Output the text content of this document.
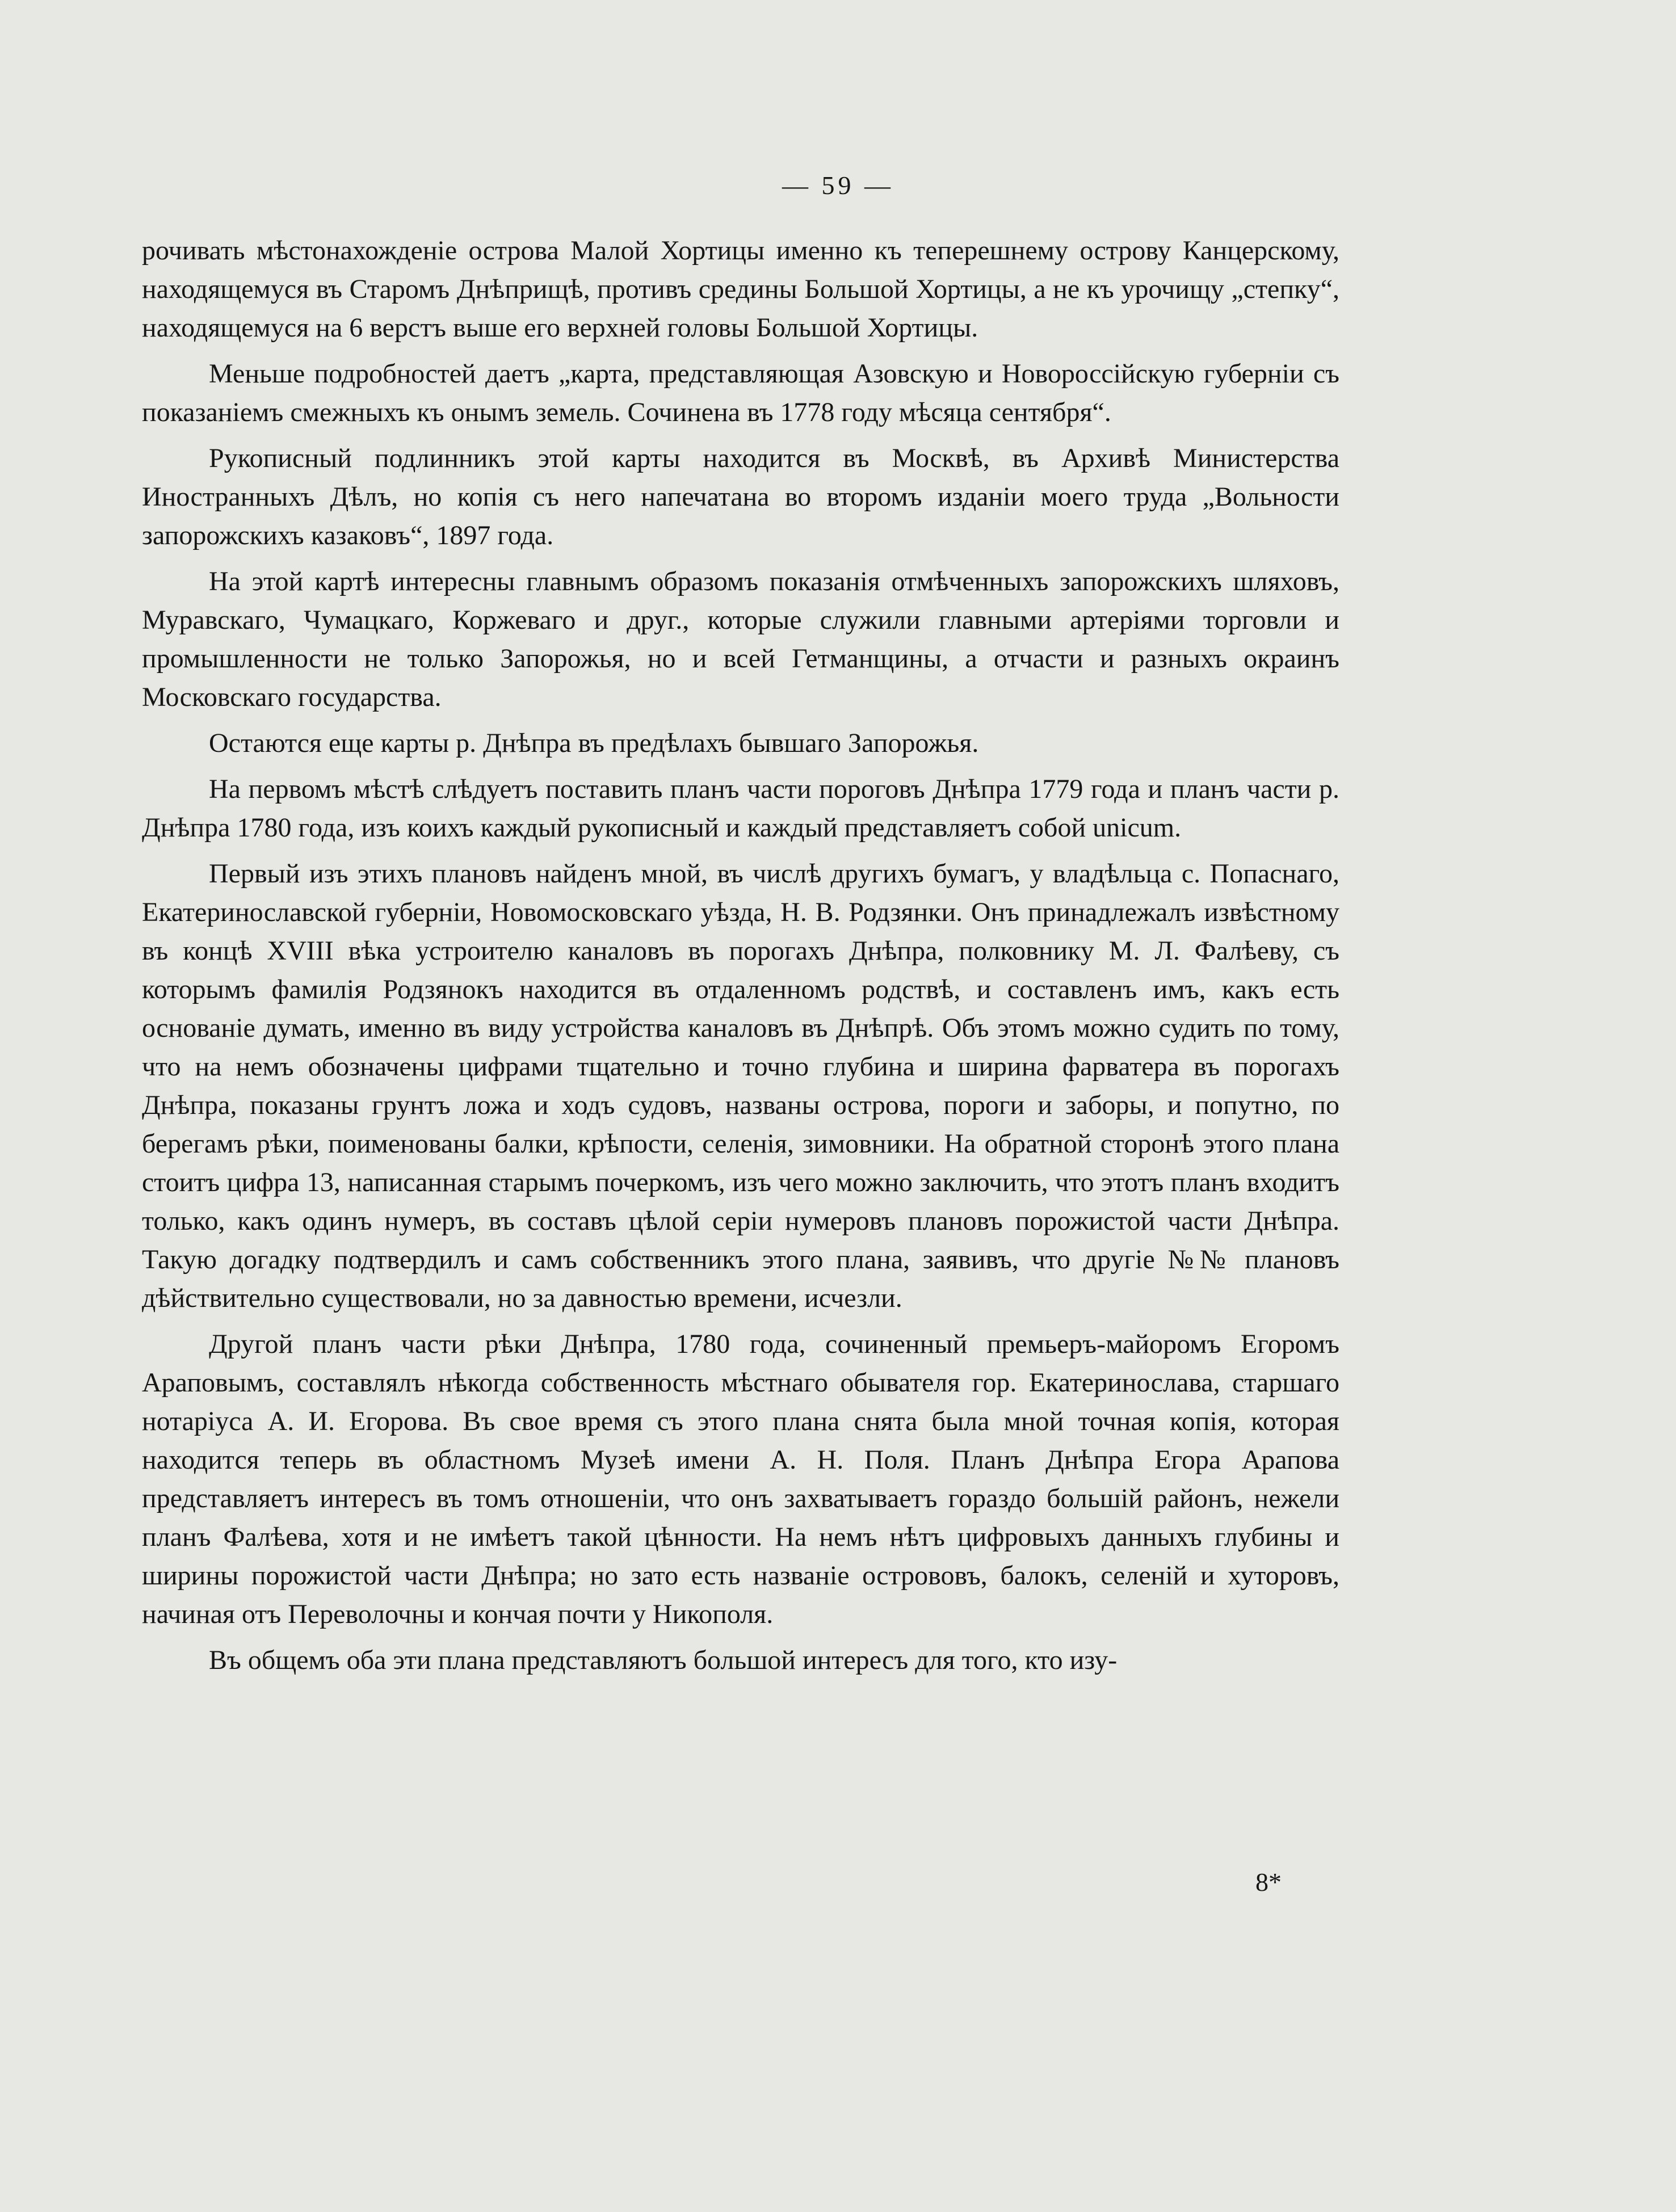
— 59 —

рочивать мѣстонахожденіе острова Малой Хортицы именно къ теперешнему острову Канцерскому, находящемуся въ Старомъ Днѣприщѣ, противъ средины Большой Хортицы, а не къ урочищу „степку“, находящемуся на 6 верстъ выше его верхней головы Большой Хортицы.

Меньше подробностей даетъ „карта, представляющая Азовскую и Новороссійскую губерніи съ показаніемъ смежныхъ къ онымъ земель. Сочинена въ 1778 году мѣсяца сентября“.

Рукописный подлинникъ этой карты находится въ Москвѣ, въ Архивѣ Министерства Иностранныхъ Дѣлъ, но копія съ него напечатана во второмъ изданіи моего труда „Вольности запорожскихъ казаковъ“, 1897 года.

На этой картѣ интересны главнымъ образомъ показанія отмѣченныхъ запорожскихъ шляховъ, Муравскаго, Чумацкаго, Коржеваго и друг., которые служили главными артеріями торговли и промышленности не только Запорожья, но и всей Гетманщины, а отчасти и разныхъ окраинъ Московскаго государства.

Остаются еще карты р. Днѣпра въ предѣлахъ бывшаго Запорожья.

На первомъ мѣстѣ слѣдуетъ поставить планъ части пороговъ Днѣпра 1779 года и планъ части р. Днѣпра 1780 года, изъ коихъ каждый рукописный и каждый представляетъ собой unicum.

Первый изъ этихъ плановъ найденъ мной, въ числѣ другихъ бумагъ, у владѣльца с. Попаснаго, Екатеринославской губерніи, Новомосковскаго уѣзда, Н. В. Родзянки. Онъ принадлежалъ извѣстному въ концѣ XVIII вѣка устроителю каналовъ въ порогахъ Днѣпра, полковнику М. Л. Фалѣеву, съ которымъ фамилія Родзянокъ находится въ отдаленномъ родствѣ, и составленъ имъ, какъ есть основаніе думать, именно въ виду устройства каналовъ въ Днѣпрѣ. Объ этомъ можно судить по тому, что на немъ обозначены цифрами тщательно и точно глубина и ширина фарватера въ порогахъ Днѣпра, показаны грунтъ ложа и ходъ судовъ, названы острова, пороги и заборы, и попутно, по берегамъ рѣки, поименованы балки, крѣпости, селенія, зимовники. На обратной сторонѣ этого плана стоитъ цифра 13, написанная старымъ почеркомъ, изъ чего можно заключить, что этотъ планъ входитъ только, какъ одинъ нумеръ, въ составъ цѣлой серіи нумеровъ плановъ порожистой части Днѣпра. Такую догадку подтвердилъ и самъ собственникъ этого плана, заявивъ, что другіе №№ плановъ дѣйствительно существовали, но за давностью времени, исчезли.

Другой планъ части рѣки Днѣпра, 1780 года, сочиненный премьеръ-майоромъ Егоромъ Араповымъ, составлялъ нѣкогда собственность мѣстнаго обывателя гор. Екатеринослава, старшаго нотаріуса А. И. Егорова. Въ свое время съ этого плана снята была мной точная копія, которая находится теперь въ областномъ Музеѣ имени А. Н. Поля. Планъ Днѣпра Егора Арапова представляетъ интересъ въ томъ отношеніи, что онъ захватываетъ гораздо большій районъ, нежели планъ Фалѣева, хотя и не имѣетъ такой цѣнности. На немъ нѣтъ цифровыхъ данныхъ глубины и ширины порожистой части Днѣпра; но зато есть названіе острововъ, балокъ, селеній и хуторовъ, начиная отъ Переволочны и кончая почти у Никополя.

Въ общемъ оба эти плана представляютъ большой интересъ для того, кто изу-

8*
